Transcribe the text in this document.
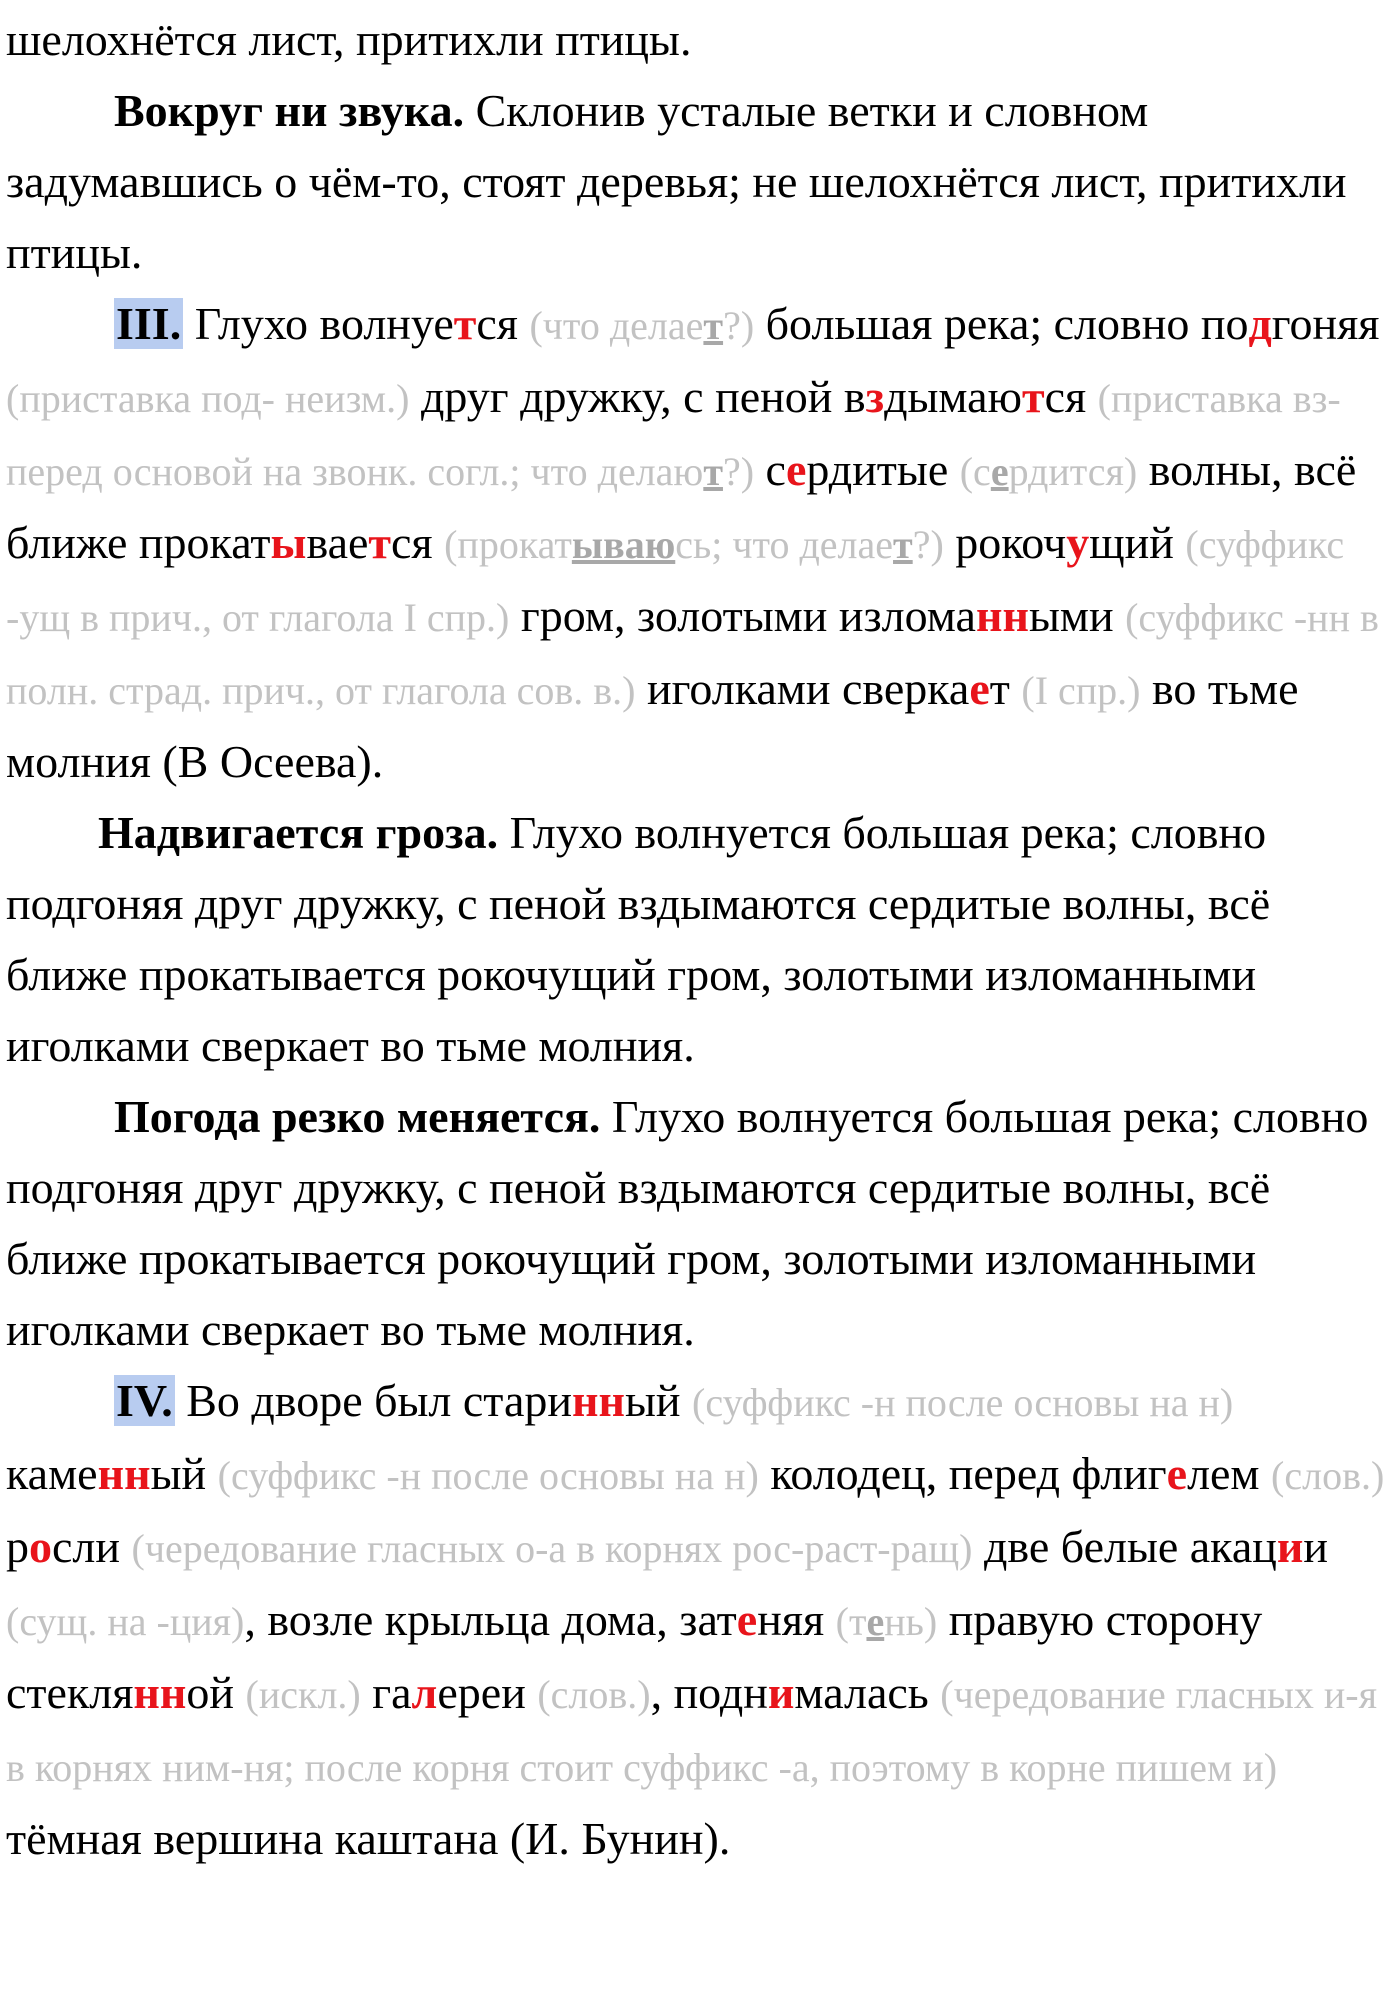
шелохнётся лист, притихли птицы.

Вокруг ни звука. Склонив усталые ветки и словном задумавшись о чём-то, стоят деревья; не шелохнётся лист, притихли птицы.

III. Глухо волнуется (что делает?) большая река; словно подгоняя (приставка под- неизм.) друг дружку, с пеной вздымаются (приставка вз- перед основой на звонк. согл.; что делают?) сердитые (сердится) волны, всё ближе прокатывается (прокатываюсь; что делает?) рокочущий (суффикс -ущ в прич., от глагола I спр.) гром, золотыми изломанными (суффикс -нн в полн. страд. прич., от глагола сов. в.) иголками сверкает (I спр.) во тьме молния (В Осеева).

Надвигается гроза. Глухо волнуется большая река; словно подгоняя друг дружку, с пеной вздымаются сердитые волны, всё ближе прокатывается рокочущий гром, золотыми изломанными иголками сверкает во тьме молния.

Погода резко меняется. Глухо волнуется большая река; словно подгоняя друг дружку, с пеной вздымаются сердитые волны, всё ближе прокатывается рокочущий гром, золотыми изломанными иголками сверкает во тьме молния.

IV. Во дворе был старинный (суффикс -н после основы на н) каменный (суффикс -н после основы на н) колодец, перед флигелем (слов.) росли (чередование гласных о-а в корнях рос-раст-ращ) две белые акации (сущ. на -ция), возле крыльца дома, затеняя (тень) правую сторону стеклянной (искл.) галереи (слов.), поднималась (чередование гласных и-я в корнях ним-ня; после корня стоит суффикс -а, поэтому в корне пишем и) тёмная вершина каштана (И. Бунин).
